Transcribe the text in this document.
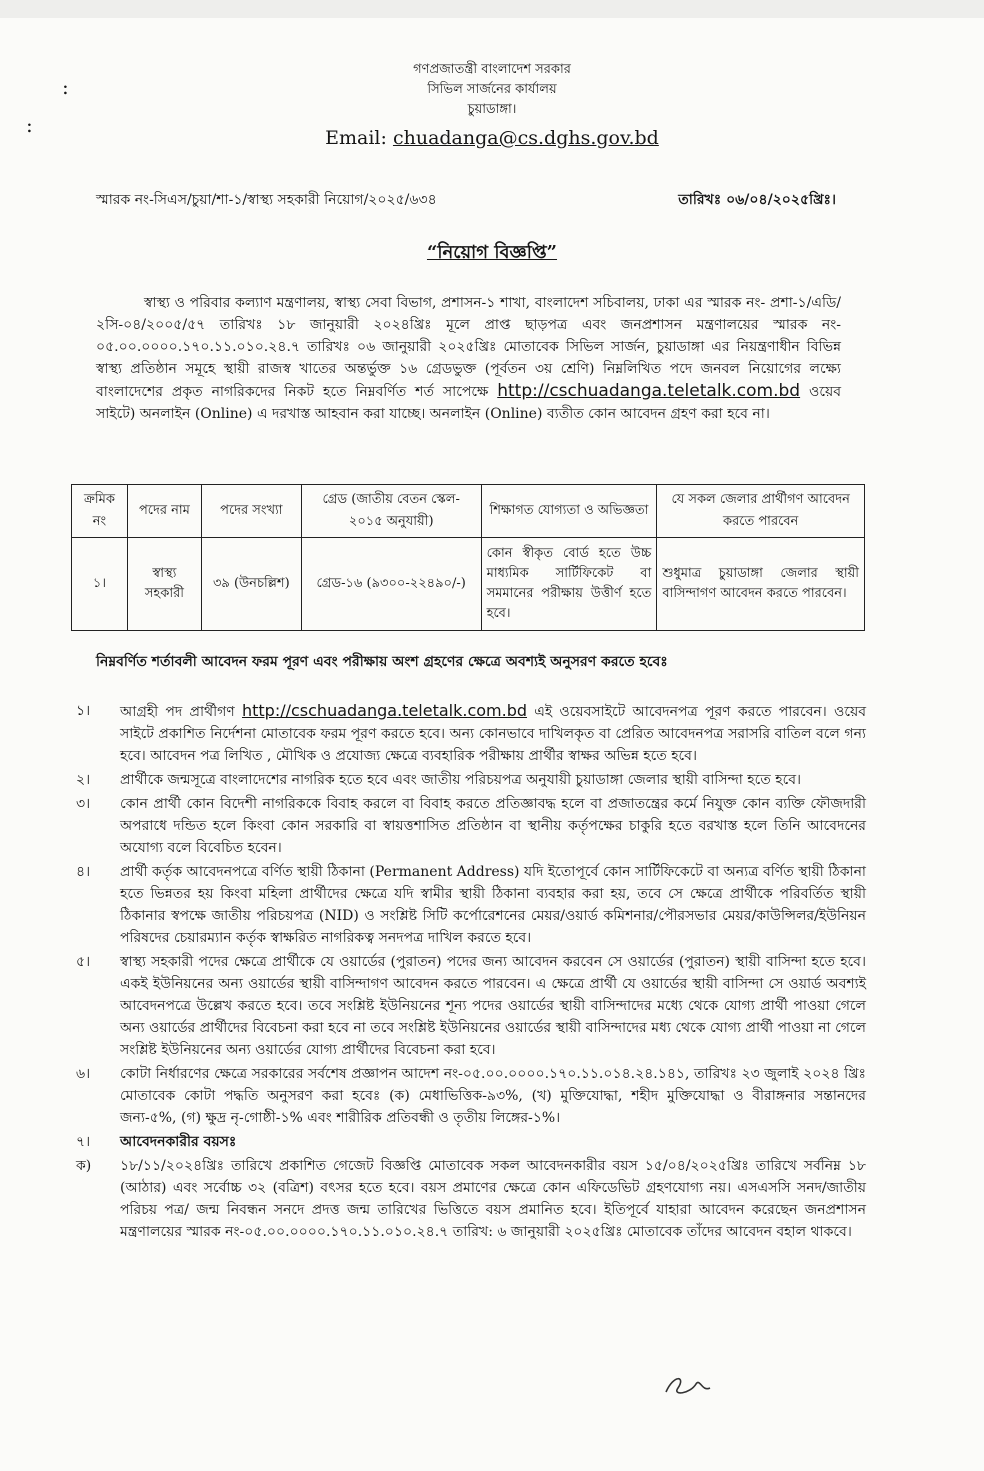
:
:
গণপ্রজাতন্ত্রী বাংলাদেশ সরকার
সিভিল সার্জনের কার্যালয়
চুয়াডাঙ্গা।
Email: chuadanga@cs.dghs.gov.bd
স্মারক নং-সিএস/চুয়া/শা-১/স্বাস্থ্য সহকারী নিয়োগ/২০২৫/৬৩৪	তারিখঃ ০৬/০৪/২০২৫খ্রিঃ।
“নিয়োগ বিজ্ঞপ্তি”
স্বাস্থ্য ও পরিবার কল্যাণ মন্ত্রণালয়, স্বাস্থ্য সেবা বিভাগ, প্রশাসন-১ শাখা, বাংলাদেশ সচিবালয়, ঢাকা এর স্মারক নং- প্রশা-১/এডি/২সি-০৪/২০০৫/৫৭ তারিখঃ ১৮ জানুয়ারী ২০২৪খ্রিঃ মূলে প্রাপ্ত ছাড়পত্র এবং জনপ্রশাসন মন্ত্রণালয়ের স্মারক নং- ০৫.০০.০০০০.১৭০.১১.০১০.২৪.৭ তারিখঃ ০৬ জানুয়ারী ২০২৫খ্রিঃ মোতাবেক সিভিল সার্জন, চুয়াডাঙ্গা এর নিয়ন্ত্রণাধীন বিভিন্ন স্বাস্থ্য প্রতিষ্ঠান সমূহে স্থায়ী রাজস্ব খাতের অন্তর্ভুক্ত ১৬ গ্রেডভুক্ত (পূর্বতন ৩য় শ্রেণি) নিম্নলিখিত পদে জনবল নিয়োগের লক্ষ্যে বাংলাদেশের প্রকৃত নাগরিকদের নিকট হতে নিম্নবর্ণিত শর্ত সাপেক্ষে http://cschuadanga.teletalk.com.bd ওয়েব সাইটে) অনলাইন (Online) এ দরখাস্ত আহবান করা যাচ্ছে। অনলাইন (Online) ব্যতীত কোন আবেদন গ্রহণ করা হবে না।
ক্রমিক নং	পদের নাম	পদের সংখ্যা	গ্রেড (জাতীয় বেতন স্কেল- ২০১৫ অনুযায়ী)	শিক্ষাগত যোগ্যতা ও অভিজ্ঞতা	যে সকল জেলার প্রার্থীগণ আবেদন করতে পারবেন
১।	স্বাস্থ্য সহকারী	৩৯ (উনচল্লিশ)	গ্রেড-১৬ (৯৩০০-২২৪৯০/-)	কোন স্বীকৃত বোর্ড হতে উচ্চ মাধ্যমিক সার্টিফিকেট বা সমমানের পরীক্ষায় উত্তীর্ণ হতে হবে।	শুধুমাত্র চুয়াডাঙ্গা জেলার স্থায়ী বাসিন্দাগণ আবেদন করতে পারবেন।
নিম্নবর্ণিত শর্তাবলী আবেদন ফরম পূরণ এবং পরীক্ষায় অংশ গ্রহণের ক্ষেত্রে অবশ্যই অনুসরণ করতে হবেঃ
১।	আগ্রহী পদ প্রার্থীগণ http://cschuadanga.teletalk.com.bd এই ওয়েবসাইটে আবেদনপত্র পূরণ করতে পারবেন। ওয়েব সাইটে প্রকাশিত নির্দেশনা মোতাবেক ফরম পূরণ করতে হবে। অন্য কোনভাবে দাখিলকৃত বা প্রেরিত আবেদনপত্র সরাসরি বাতিল বলে গন্য হবে। আবেদন পত্র লিখিত , মৌখিক ও প্রযোজ্য ক্ষেত্রে ব্যবহারিক পরীক্ষায় প্রার্থীর স্বাক্ষর অভিন্ন হতে হবে।
২।	প্রার্থীকে জন্মসূত্রে বাংলাদেশের নাগরিক হতে হবে এবং জাতীয় পরিচয়পত্র অনুযায়ী চুয়াডাঙ্গা জেলার স্থায়ী বাসিন্দা হতে হবে।
৩।	কোন প্রার্থী কোন বিদেশী নাগরিককে বিবাহ করলে বা বিবাহ করতে প্রতিজ্ঞাবদ্ধ হলে বা প্রজাতন্ত্রের কর্মে নিযুক্ত কোন ব্যক্তি ফৌজদারী অপরাধে দন্ডিত হলে কিংবা কোন সরকারি বা স্বায়ত্তশাসিত প্রতিষ্ঠান বা স্থানীয় কর্তৃপক্ষের চাকুরি হতে বরখাস্ত হলে তিনি আবেদনের অযোগ্য বলে বিবেচিত হবেন।
৪।	প্রার্থী কর্তৃক আবেদনপত্রে বর্ণিত স্থায়ী ঠিকানা (Permanent Address) যদি ইতোপূর্বে কোন সার্টিফিকেটে বা অন্যত্র বর্ণিত স্থায়ী ঠিকানা হতে ভিন্নতর হয় কিংবা মহিলা প্রার্থীদের ক্ষেত্রে যদি স্বামীর স্থায়ী ঠিকানা ব্যবহার করা হয়, তবে সে ক্ষেত্রে প্রার্থীকে পরিবর্তিত স্থায়ী ঠিকানার স্বপক্ষে জাতীয় পরিচয়পত্র (NID) ও সংশ্লিষ্ট সিটি কর্পোরেশনের মেয়র/ওয়ার্ড কমিশনার/পৌরসভার মেয়র/কাউন্সিলর/ইউনিয়ন পরিষদের চেয়ারম্যান কর্তৃক স্বাক্ষরিত নাগরিকত্ব সনদপত্র দাখিল করতে হবে।
৫।	স্বাস্থ্য সহকারী পদের ক্ষেত্রে প্রার্থীকে যে ওয়ার্ডের (পুরাতন) পদের জন্য আবেদন করবেন সে ওয়ার্ডের (পুরাতন) স্থায়ী বাসিন্দা হতে হবে। একই ইউনিয়নের অন্য ওয়ার্ডের স্থায়ী বাসিন্দাগণ আবেদন করতে পারবেন। এ ক্ষেত্রে প্রার্থী যে ওয়ার্ডের স্থায়ী বাসিন্দা সে ওয়ার্ড অবশ্যই আবেদনপত্রে উল্লেখ করতে হবে। তবে সংশ্লিষ্ট ইউনিয়নের শূন্য পদের ওয়ার্ডের স্থায়ী বাসিন্দাদের মধ্যে থেকে যোগ্য প্রার্থী পাওয়া গেলে অন্য ওয়ার্ডের প্রার্থীদের বিবেচনা করা হবে না তবে সংশ্লিষ্ট ইউনিয়নের ওয়ার্ডের স্থায়ী বাসিন্দাদের মধ্য থেকে যোগ্য প্রার্থী পাওয়া না গেলে সংশ্লিষ্ট ইউনিয়নের অন্য ওয়ার্ডের যোগ্য প্রার্থীদের বিবেচনা করা হবে।
৬।	কোটা নির্ধারণের ক্ষেত্রে সরকারের সর্বশেষ প্রজ্ঞাপন আদেশ নং-০৫.০০.০০০০.১৭০.১১.০১৪.২৪.১৪১, তারিখঃ ২৩ জুলাই ২০২৪ খ্রিঃ মোতাবেক কোটা পদ্ধতি অনুসরণ করা হবেঃ (ক) মেধাভিত্তিক-৯৩%, (খ) মুক্তিযোদ্ধা, শহীদ মুক্তিযোদ্ধা ও বীরাঙ্গনার সন্তানদের জন্য-৫%, (গ) ক্ষুদ্র নৃ-গোষ্ঠী-১% এবং শারীরিক প্রতিবন্ধী ও তৃতীয় লিঙ্গের-১%।
৭।	আবেদনকারীর বয়সঃ
ক)	১৮/১১/২০২৪খ্রিঃ তারিখে প্রকাশিত গেজেট বিজ্ঞপ্তি মোতাবেক সকল আবেদনকারীর বয়স ১৫/০৪/২০২৫খ্রিঃ তারিখে সর্বনিম্ন ১৮ (আঠার) এবং সর্বোচ্চ ৩২ (বত্রিশ) বৎসর হতে হবে। বয়স প্রমাণের ক্ষেত্রে কোন এফিডেভিট গ্রহণযোগ্য নয়। এসএসসি সনদ/জাতীয় পরিচয় পত্র/ জন্ম নিবন্ধন সনদে প্রদত্ত জন্ম তারিখের ভিত্তিতে বয়স প্রমানিত হবে। ইতিপূর্বে যাহারা আবেদন করেছেন জনপ্রশাসন মন্ত্রণালয়ের স্মারক নং-০৫.০০.০০০০.১৭০.১১.০১০.২৪.৭ তারিখ: ৬ জানুয়ারী ২০২৫খ্রিঃ মোতাবেক তাঁদের আবেদন বহাল থাকবে।
